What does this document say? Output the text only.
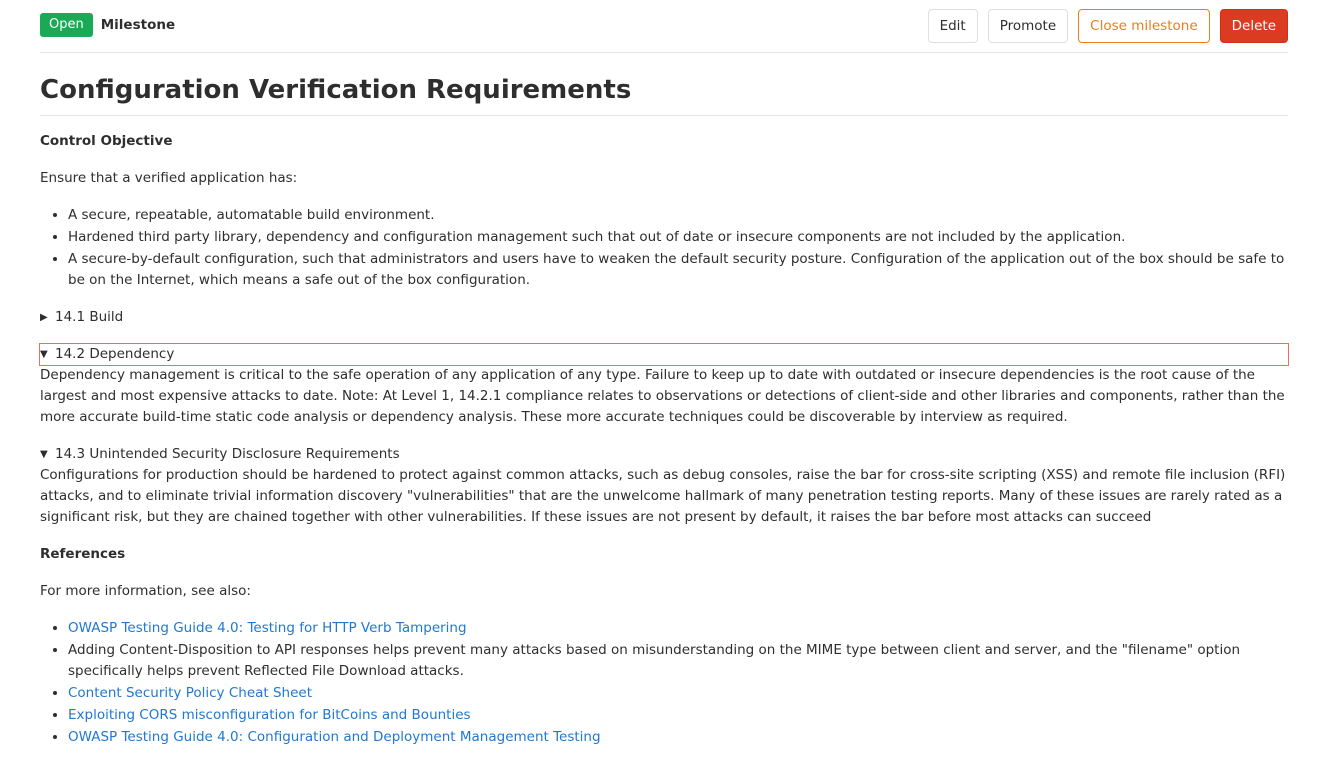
Open	Milestone	Edit	Promote	Close milestone	Delete
Configuration Verification Requirements

Control Objective

Ensure that a verified application has:

• A secure, repeatable, automatable build environment.
• Hardened third party library, dependency and configuration management such that out of date or insecure components are not included by the application.
• A secure-by-default configuration, such that administrators and users have to weaken the default security posture. Configuration of the application out of the box should be safe to be on the Internet, which means a safe out of the box configuration.
▶ 14.1 Build
▼ 14.2 Dependency

Dependency management is critical to the safe operation of any application of any type. Failure to keep up to date with outdated or insecure dependencies is the root cause of the largest and most expensive attacks to date. Note: At Level 1, 14.2.1 compliance relates to observations or detections of client-side and other libraries and components, rather than the more accurate build-time static code analysis or dependency analysis. These more accurate techniques could be discoverable by interview as required.

▼ 14.3 Unintended Security Disclosure Requirements

Configurations for production should be hardened to protect against common attacks, such as debug consoles, raise the bar for cross-site scripting (XSS) and remote file inclusion (RFI) attacks, and to eliminate trivial information discovery "vulnerabilities" that are the unwelcome hallmark of many penetration testing reports. Many of these issues are rarely rated as a significant risk, but they are chained together with other vulnerabilities. If these issues are not present by default, it raises the bar before most attacks can succeed

References

For more information, see also:

• OWASP Testing Guide 4.0: Testing for HTTP Verb Tampering
• Adding Content-Disposition to API responses helps prevent many attacks based on misunderstanding on the MIME type between client and server, and the "filename" option specifically helps prevent Reflected File Download attacks.
• Content Security Policy Cheat Sheet
• Exploiting CORS misconfiguration for BitCoins and Bounties
• OWASP Testing Guide 4.0: Configuration and Deployment Management Testing
